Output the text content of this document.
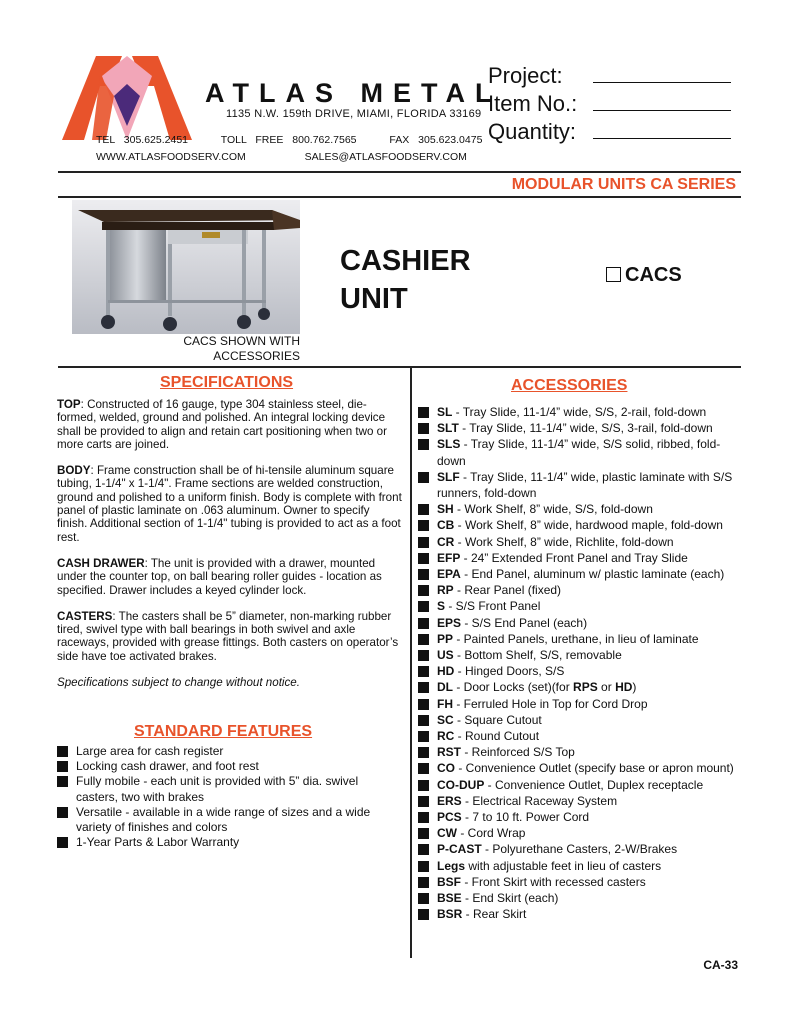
ATLAS METAL
1135 N.W. 159th DRIVE, MIAMI, FLORIDA 33169
TEL 305.625.2451	TOLL FREE 800.762.7565	FAX 305.623.0475
WWW.ATLASFOODSERV.COM	SALES@ATLASFOODSERV.COM
Project:
Item No.:
Quantity:
MODULAR UNITS CA SERIES
CACS SHOWN WITH
ACCESSORIES
CASHIER
UNIT
CACS
SPECIFICATIONS

TOP: Constructed of 16 gauge, type 304 stainless steel, die-formed, welded, ground and polished. An integral locking device shall be provided to align and retain cart positioning when two or more carts are joined.

BODY: Frame construction shall be of hi-tensile aluminum square tubing, 1-1/4" x 1-1/4". Frame sections are welded construction, ground and polished to a uniform finish. Body is complete with front panel of plastic laminate on .063 aluminum. Owner to specify finish. Additional section of 1-1/4" tubing is provided to act as a foot rest.

CASH DRAWER: The unit is provided with a drawer, mounted under the counter top, on ball bearing roller guides - location as specified. Drawer includes a keyed cylinder lock.

CASTERS: The casters shall be 5” diameter, non-marking rubber tired, swivel type with ball bearings in both swivel and axle raceways, provided with grease fittings. Both casters on operator’s side have toe activated brakes.

Specifications subject to change without notice.

STANDARD FEATURES
Large area for cash register
Locking cash drawer, and foot rest
Fully mobile - each unit is provided with 5” dia. swivel casters, two with brakes
Versatile - available in a wide range of sizes and a wide variety of finishes and colors
1-Year Parts & Labor Warranty
ACCESSORIES
SL - Tray Slide, 11-1/4” wide, S/S, 2-rail, fold-down
SLT - Tray Slide, 11-1/4” wide, S/S, 3-rail, fold-down
SLS - Tray Slide, 11-1/4” wide, S/S solid, ribbed, fold-down
SLF - Tray Slide, 11-1/4” wide, plastic laminate with S/S runners, fold-down
SH - Work Shelf, 8” wide, S/S, fold-down
CB - Work Shelf, 8” wide, hardwood maple, fold-down
CR - Work Shelf, 8” wide, Richlite, fold-down
EFP - 24” Extended Front Panel and Tray Slide
EPA - End Panel, aluminum w/ plastic laminate (each)
RP - Rear Panel (fixed)
S - S/S Front Panel
EPS - S/S End Panel (each)
PP - Painted Panels, urethane, in lieu of laminate
US - Bottom Shelf, S/S, removable
HD - Hinged Doors, S/S
DL - Door Locks (set)(for RPS or HD)
FH - Ferruled Hole in Top for Cord Drop
SC - Square Cutout
RC - Round Cutout
RST - Reinforced S/S Top
CO - Convenience Outlet (specify base or apron mount)
CO-DUP - Convenience Outlet, Duplex receptacle
ERS - Electrical Raceway System
PCS - 7 to 10 ft. Power Cord
CW - Cord Wrap
P-CAST - Polyurethane Casters, 2-W/Brakes
Legs with adjustable feet in lieu of casters
BSF - Front Skirt with recessed casters
BSE - End Skirt (each)
BSR - Rear Skirt
CA-33
